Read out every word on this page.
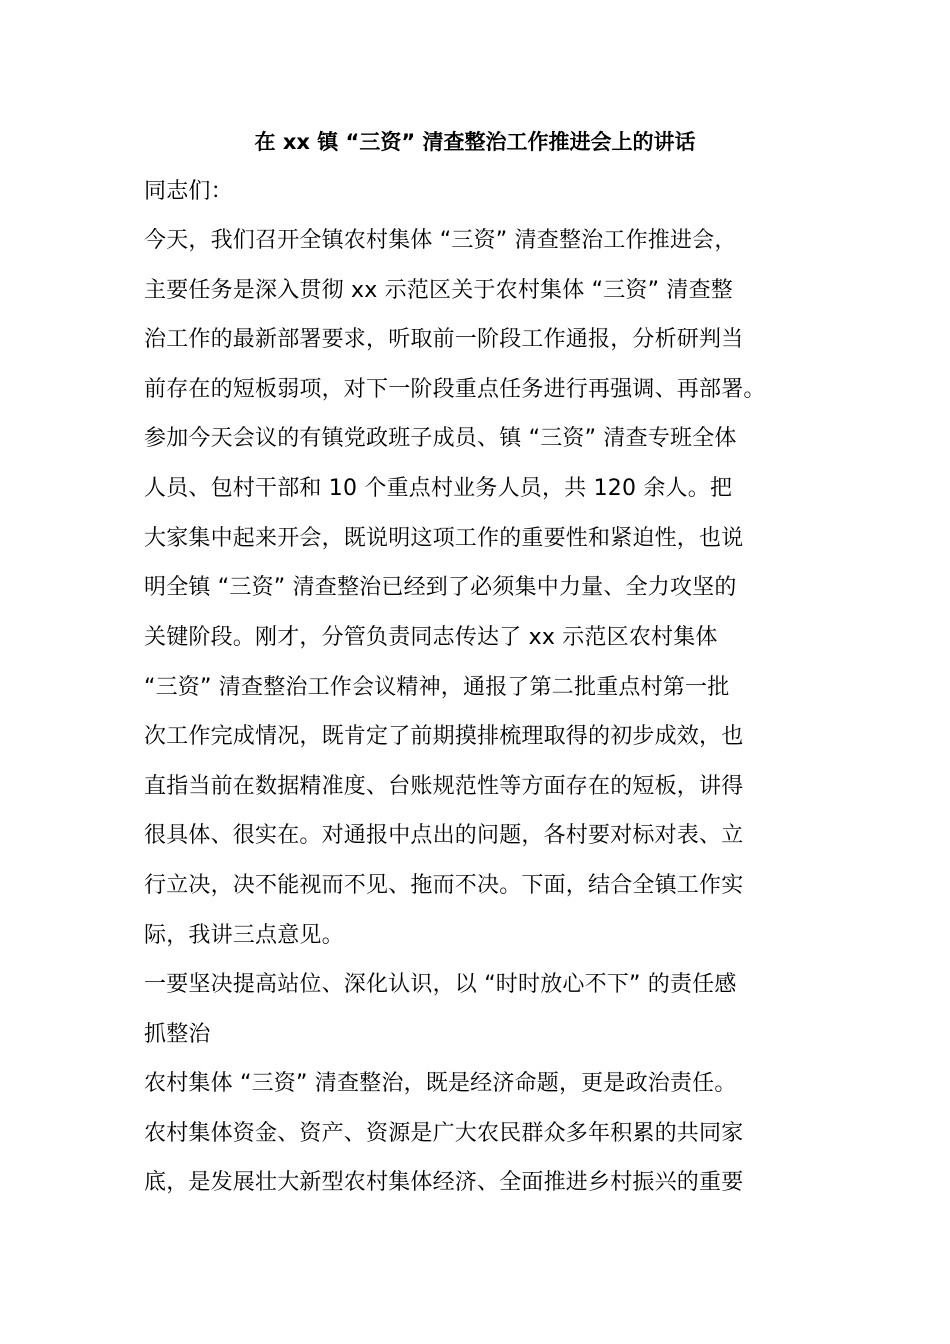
在 xx 镇 “三资” 清查整治工作推进会上的讲话
同志们：
今天，我们召开全镇农村集体 “三资” 清查整治工作推进会，
主要任务是深入贯彻 xx 示范区关于农村集体 “三资” 清查整
治工作的最新部署要求，听取前一阶段工作通报，分析研判当
前存在的短板弱项，对下一阶段重点任务进行再强调、再部署。
参加今天会议的有镇党政班子成员、镇 “三资” 清查专班全体
人员、包村干部和 10 个重点村业务人员，共 120 余人。把
大家集中起来开会，既说明这项工作的重要性和紧迫性，也说
明全镇 “三资” 清查整治已经到了必须集中力量、全力攻坚的
关键阶段。刚才，分管负责同志传达了 xx 示范区农村集体
“三资” 清查整治工作会议精神，通报了第二批重点村第一批
次工作完成情况，既肯定了前期摸排梳理取得的初步成效，也
直指当前在数据精准度、台账规范性等方面存在的短板，讲得
很具体、很实在。对通报中点出的问题，各村要对标对表、立
行立决，决不能视而不见、拖而不决。下面，结合全镇工作实
际，我讲三点意见。
一要坚决提高站位、深化认识，以 “时时放心不下” 的责任感
抓整治
农村集体 “三资” 清查整治，既是经济命题，更是政治责任。
农村集体资金、资产、资源是广大农民群众多年积累的共同家
底，是发展壮大新型农村集体经济、全面推进乡村振兴的重要
